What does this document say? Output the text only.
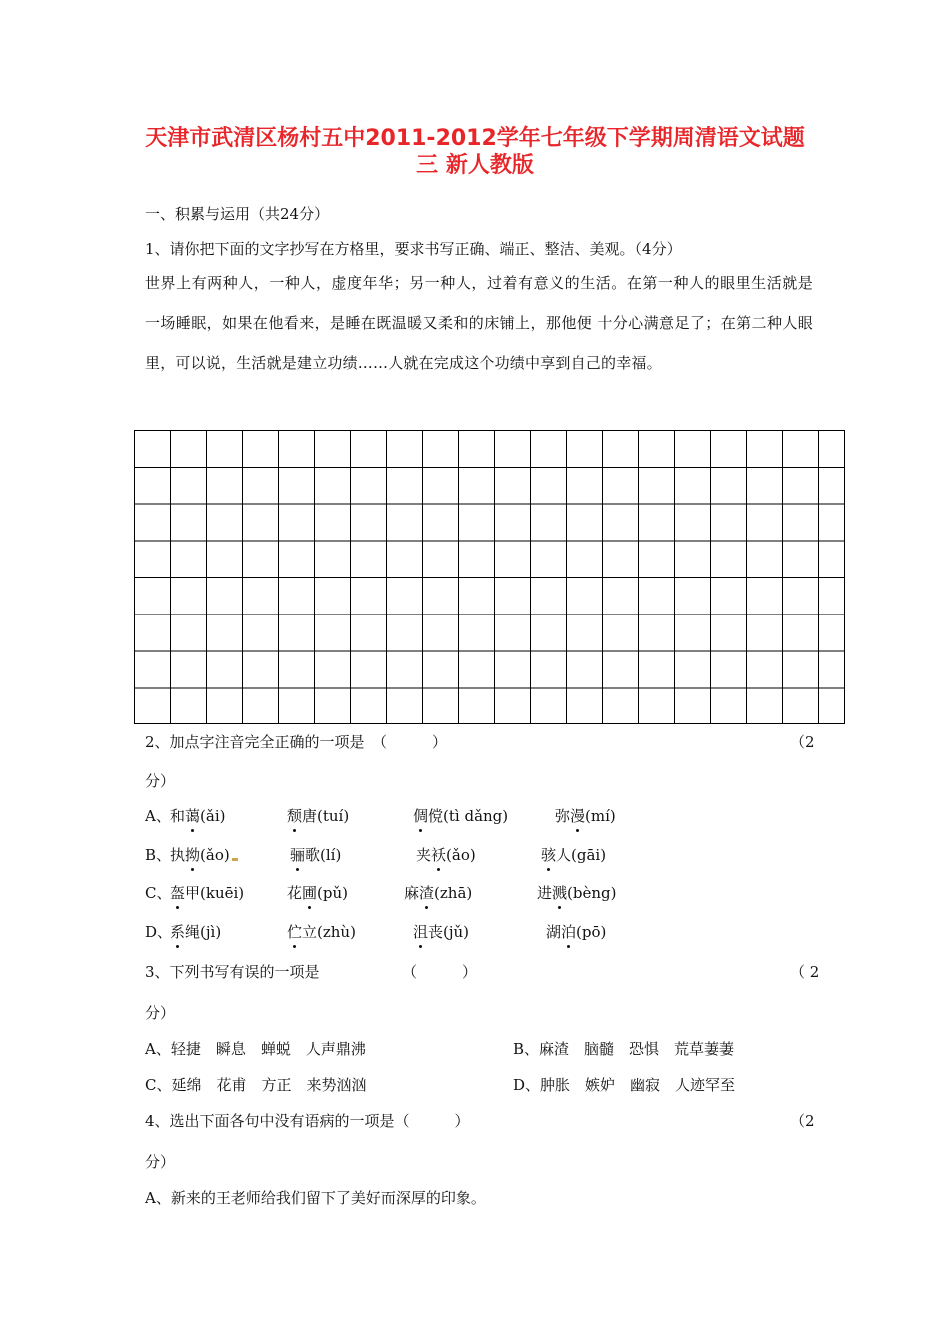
天津市武清区杨村五中2011-2012学年七年级下学期周清语文试题
三 新人教版
一、积累与运用（共24分）
1、请你把下面的文字抄写在方格里，要求书写正确、端正、整洁、美观。（4分）
世界上有两种人，一种人，虚度年华；另一种人，过着有意义的生活。在第一种人的眼里生活就是一场睡眠，如果在他看来，是睡在既温暖又柔和的床铺上，那他便 十分心满意足了；在第二种人眼里，可以说，生活就是建立功绩……人就在完成这个功绩中享到自己的幸福。
2、加点字注音完全正确的一项是　（　　　）	（2
分）
A、 和蔼(ǎi)	颓唐(tuí)	倜傥(tì dǎng)	弥漫(mí)
B、
执拗(ǎo)	骊歌(lí)	夹袄(ǎo)	骇人(gāi)
C、
盔甲(kuēi)	花圃(pǔ)	麻渣(zhā)	进溅(bèng)
D、
系绳(jì)	伫立(zhù)	沮丧(jǔ)	湖泊(pō)
3、下列书写有误的一项是　　　　　　（　　　）	（ 2
分）
A、轻捷　瞬息　蝉蜕　人声鼎沸	B、麻渣　脑髓　恐惧　荒草萋萋
C、延绵　花甫　方正　来势汹汹	D、肿胀　嫉妒　幽寂　人迹罕至
4、选出下面各句中没有语病的一项是（　　　）	（2
分）
A、新来的王老师给我们留下了美好而深厚的印象。
